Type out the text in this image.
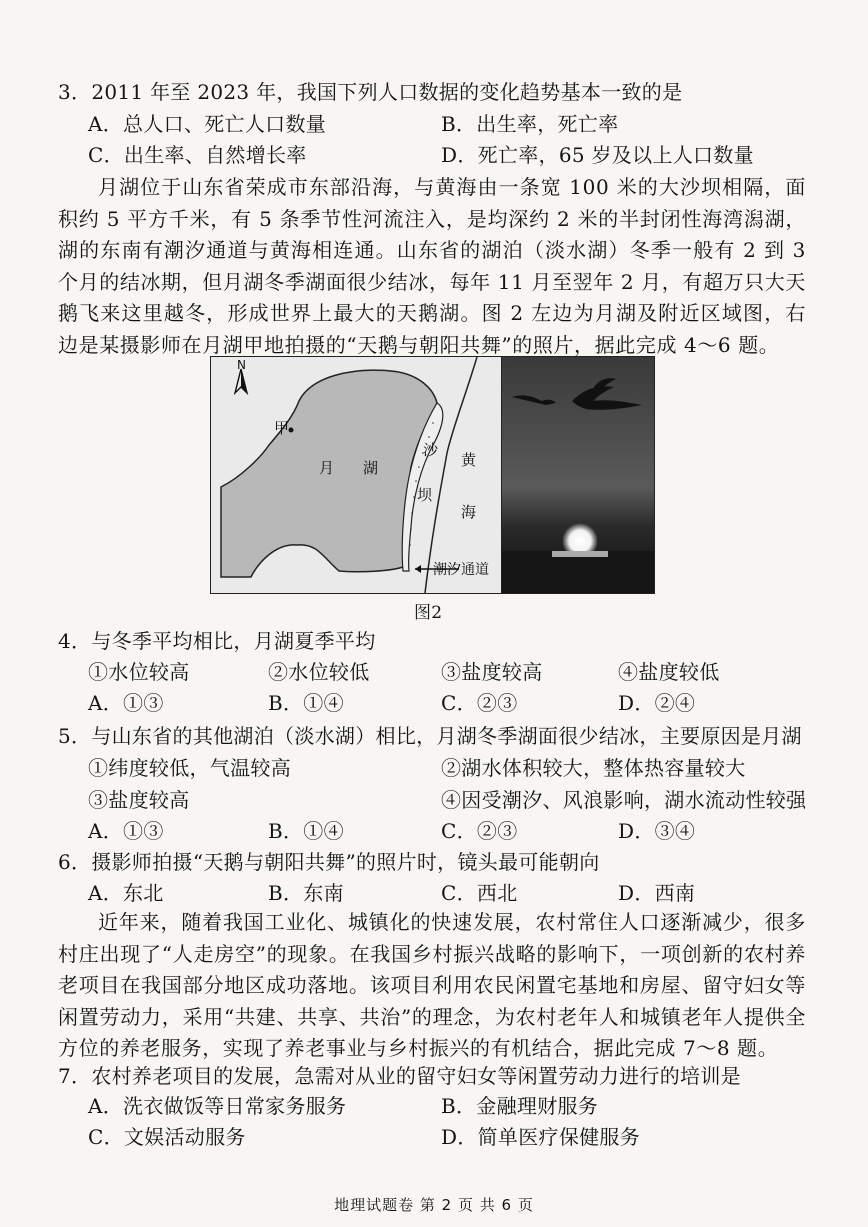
3．2011 年至 2023 年，我国下列人口数据的变化趋势基本一致的是
A．总人口、死亡人口数量	B．出生率，死亡率
C．出生率、自然增长率	D．死亡率，65 岁及以上人口数量
月湖位于山东省荣成市东部沿海，与黄海由一条宽 100 米的大沙坝相隔，面积约 5 平方千米，有 5 条季节性河流注入，是均深约 2 米的半封闭性海湾潟湖，湖的东南有潮汐通道与黄海相连通。山东省的湖泊（淡水湖）冬季一般有 2 到 3 个月的结冰期，但月湖冬季湖面很少结冰，每年 11 月至翌年 2 月，有超万只大天鹅飞来这里越冬，形成世界上最大的天鹅湖。图 2 左边为月湖及附近区域图，右边是某摄影师在月湖甲地拍摄的“天鹅与朝阳共舞”的照片，据此完成 4～6 题。
N
甲
月 湖
沙
坝
黄
海
潮汐通道
图2
4．与冬季平均相比，月湖夏季平均
①水位较高	②水位较低	③盐度较高	④盐度较低
A．①③	B．①④	C．②③	D．②④
5．与山东省的其他湖泊（淡水湖）相比，月湖冬季湖面很少结冰，主要原因是月湖
①纬度较低，气温较高	②湖水体积较大，整体热容量较大
③盐度较高	④因受潮汐、风浪影响，湖水流动性较强
A．①③	B．①④	C．②③	D．③④
6．摄影师拍摄“天鹅与朝阳共舞”的照片时，镜头最可能朝向
A．东北	B．东南	C．西北	D．西南
近年来，随着我国工业化、城镇化的快速发展，农村常住人口逐渐减少，很多村庄出现了“人走房空”的现象。在我国乡村振兴战略的影响下，一项创新的农村养老项目在我国部分地区成功落地。该项目利用农民闲置宅基地和房屋、留守妇女等闲置劳动力，采用“共建、共享、共治”的理念，为农村老年人和城镇老年人提供全方位的养老服务，实现了养老事业与乡村振兴的有机结合，据此完成 7～8 题。
7．农村养老项目的发展，急需对从业的留守妇女等闲置劳动力进行的培训是
A．洗衣做饭等日常家务服务	B．金融理财服务
C．文娱活动服务	D．简单医疗保健服务
地理试题卷 第 2 页 共 6 页
